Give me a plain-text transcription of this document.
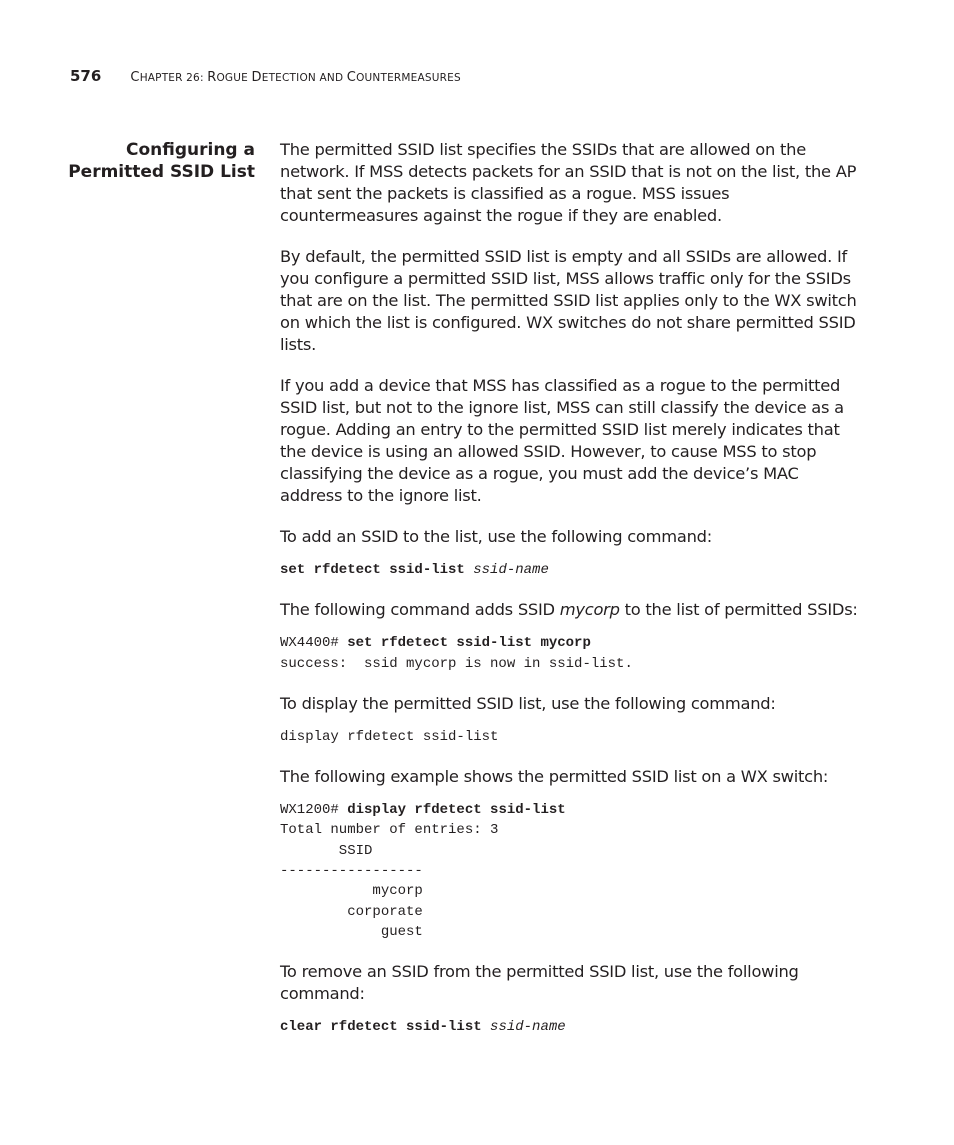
576 CHAPTER 26: ROGUE DETECTION AND COUNTERMEASURES
Configuring a
Permitted SSID List

The permitted SSID list specifies the SSIDs that are allowed on the network. If MSS detects packets for an SSID that is not on the list, the AP that sent the packets is classified as a rogue. MSS issues countermeasures against the rogue if they are enabled.

By default, the permitted SSID list is empty and all SSIDs are allowed. If you configure a permitted SSID list, MSS allows traffic only for the SSIDs that are on the list. The permitted SSID list applies only to the WX switch on which the list is configured. WX switches do not share permitted SSID lists.

If you add a device that MSS has classified as a rogue to the permitted SSID list, but not to the ignore list, MSS can still classify the device as a rogue. Adding an entry to the permitted SSID list merely indicates that the device is using an allowed SSID. However, to cause MSS to stop classifying the device as a rogue, you must add the device’s MAC address to the ignore list.

To add an SSID to the list, use the following command:

set rfdetect ssid-list ssid-name

The following command adds SSID mycorp to the list of permitted SSIDs:

WX4400# set rfdetect ssid-list mycorp
success:  ssid mycorp is now in ssid-list.

To display the permitted SSID list, use the following command:

display rfdetect ssid-list

The following example shows the permitted SSID list on a WX switch:

WX1200# display rfdetect ssid-list
Total number of entries: 3
SSID
-----------------
mycorp
corporate
guest

To remove an SSID from the permitted SSID list, use the following command:

clear rfdetect ssid-list ssid-name
